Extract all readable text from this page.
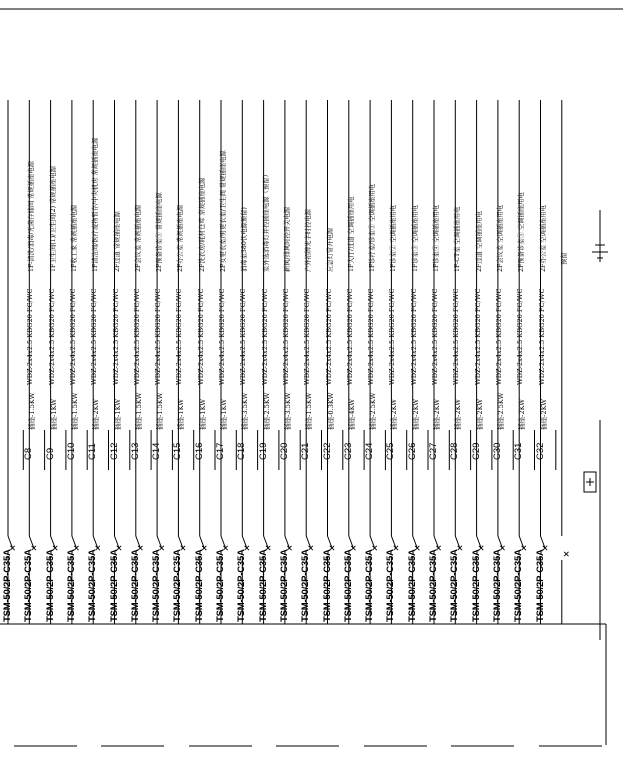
TSM-50/2P-C35A TSM-50/2P-C35A
C8
插座-1.5KW
WDZ-2x4x2.5 KBG20 FC/WC
1F-清洗/消毒/无菌存储间 常规插座电源
TSM-50/2P-C35A
C9
插座-1KW
WDZ-2x4x2.5 KBG20 FC/WC
1F卫生间(1)/卫生间(2) 常规插座电源
TSM-50/2P-C35A
C10
插座-1.5KW
WDZ-2x4x2.5 KBG20 FC/WC
1F收工家 常规插座电源
TSM-50/2P-C35A
C11
插座-2KW
WDZ-2x4x2.5 KBG20 FC/WC
1F清洁间/医疗废物暂存/中央机房 常规插座电源
TSM-50/2P-C35A
C12
插座-1KW
WDZ-2x4x2.5 KBG20 FC/WC
2F过道 常规插座电源
TSM-50/2P-C35A
C13
插座-1.5KW
WDZ-2x4x2.5 KBG20 FC/WC
2F会议室 常规插座电源
TSM-50/2P-C35A
C14
插座-1.5KW
WDZ-2x4x2.5 KBG20 FC/WC
2F预备诊室⑤ 常规插座电源
TSM-50/2P-C35A
C15
插座-1KW
WDZ-2x4x2.5 KBG20 FC/WC
2F办公室 常规插座电源
TSM-50/2P-C35A
C16
插座-1KW
WDZ-2x4x2.5 KBG20 FC/WC
2F洗衣房/耗材仓库 常规插座电源
TSM-50/2P-C35A
C17
插座-1KW
WDZ-2x4x2.5 KBG20 FC/WC
2F女更衣室/男更衣室/卫生间 常规插座电源
TSM-50/2P-C35A
C18
插座-3.5KW
WDZ-2x4x2.5 KBG20 FC/WC
消毒室380伏电源预留)
TSM-50/2P-C35A
C19
插座-2.5KW
WDZ-2x4x2.5 KBG20 FC/WC
室外选消毒灯并控插座电源（预留）
TSM-50/2P-C35A
C20
插座-3.5KW
WDZ-2x4x2.5 KBG20 FC/WC
新风/排风时控开关电源
TSM-50/2P-C35A
C21
插座-1.5KW
WDZ-2x4x2.5 KBG20 FC/WC
户外招牌光字时控电源
TSM-50/2P-C35A
C22
插座-0.3KW
WDZ-2x4x2.5 KBG20 FC/WC
应急灯常开电源
TSM-50/2P-C35A
C23
插座-4KW
WDZ-2x4x2.5 KBG20 FC/WC
1F大厅/过道 空调插座用电
TSM-50/2P-C35A
C24
插座-2.5KW
WDZ-2x4x2.5 KBG20 FC/WC
1F诊疗室/诊室① 空调插座用电
TSM-50/2P-C35A
C25
插座-2KW
WDZ-2x4x2.5 KBG20 FC/WC
1F诊室② 空调插座用电
TSM-50/2P-C35A
C26
插座-2KW
WDZ-2x4x2.5 KBG20 FC/WC
1F诊室③ 空调插座用电
TSM-50/2P-C35A
C27
插座-2KW
WDZ-2x4x2.5 KBG20 FC/WC
1F诊室④ 空调插座用电
TSM-50/2P-C35A
C28
插座-2KW
WDZ-2x4x2.5 KBG20 FC/WC
1F-CT室 空调插座用电
TSM-50/2P-C35A
C29
插座-2KW
WDZ-2x4x2.5 KBG20 FC/WC
2F过道 空调插座用电
TSM-50/2P-C35A
C30
插座-2.5KW
WDZ-2x4x2.5 KBG20 FC/WC
2F会议室 空调插座用电
TSM-50/2P-C35A
C31
插座-2KW
WDZ-2x4x2.5 KBG20 FC/WC
2F预备诊室⑤ 空调插座用电
TSM-50/2P-C35A
C32
插座-2KW
WDZ-2x4x2.5 KBG20 FC/WC
2F办公室 空调插座用电	预留
